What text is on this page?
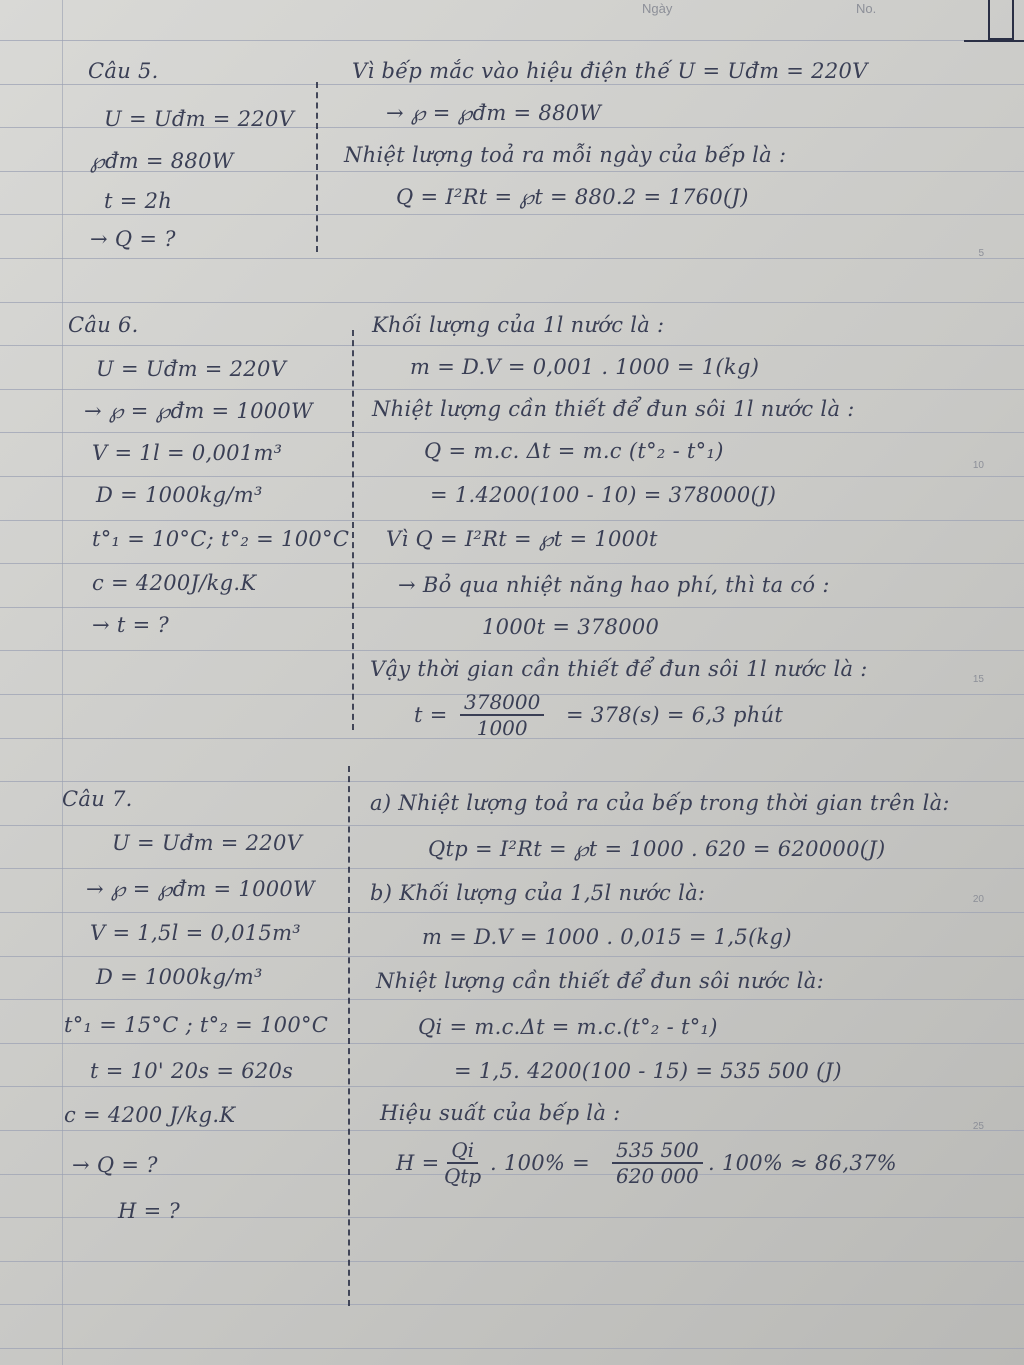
Ngày	No.
5
10
15
20
25
Câu 5.
U = Uđm = 220V
℘đm = 880W
t = 2h
→ Q = ?
Vì bếp mắc vào hiệu điện thế U = Uđm = 220V
→ ℘ = ℘đm = 880W
Nhiệt lượng toả ra mỗi ngày của bếp là :
Q = I²Rt = ℘t = 880.2 = 1760(J)
Câu 6.
U = Uđm = 220V
→ ℘ = ℘đm = 1000W
V = 1l = 0,001m³
D = 1000kg/m³
t°₁ = 10°C; t°₂ = 100°C
c = 4200J/kg.K
→ t = ?
Khối lượng của 1l nước là :
m = D.V = 0,001 . 1000 = 1(kg)
Nhiệt lượng cần thiết để đun sôi 1l nước là :
Q = m.c. Δt = m.c (t°₂ - t°₁)
= 1.4200(100 - 10) = 378000(J)
Vì Q = I²Rt = ℘t = 1000t
→ Bỏ qua nhiệt năng hao phí, thì ta có :
1000t = 378000
Vậy thời gian cần thiết để đun sôi 1l nước là :
$t = \frac{378000}{1000} = 378(s) = 6,3$ phút
Câu 7.
U = Uđm = 220V
→ ℘ = ℘đm = 1000W
V = 1,5l = 0,015m³
D = 1000kg/m³
t°₁ = 15°C ; t°₂ = 100°C
t = 10' 20s = 620s
c = 4200 J/kg.K
→ Q = ?
H = ?
a) Nhiệt lượng toả ra của bếp trong thời gian trên là:
Qtp = I²Rt = ℘t = 1000 . 620 = 620000(J)
b) Khối lượng của 1,5l nước là:
m = D.V = 1000 . 0,015 = 1,5(kg)
Nhiệt lượng cần thiết để đun sôi nước là:
Qi = m.c.Δt = m.c.(t°₂ - t°₁)
= 1,5. 4200(100 - 15) = 535 500 (J)
Hiệu suất của bếp là :
H =
Qi
Qtp
. $100\% = \frac{535 500}{620 000}$ . 100% ≈ 86,37%
